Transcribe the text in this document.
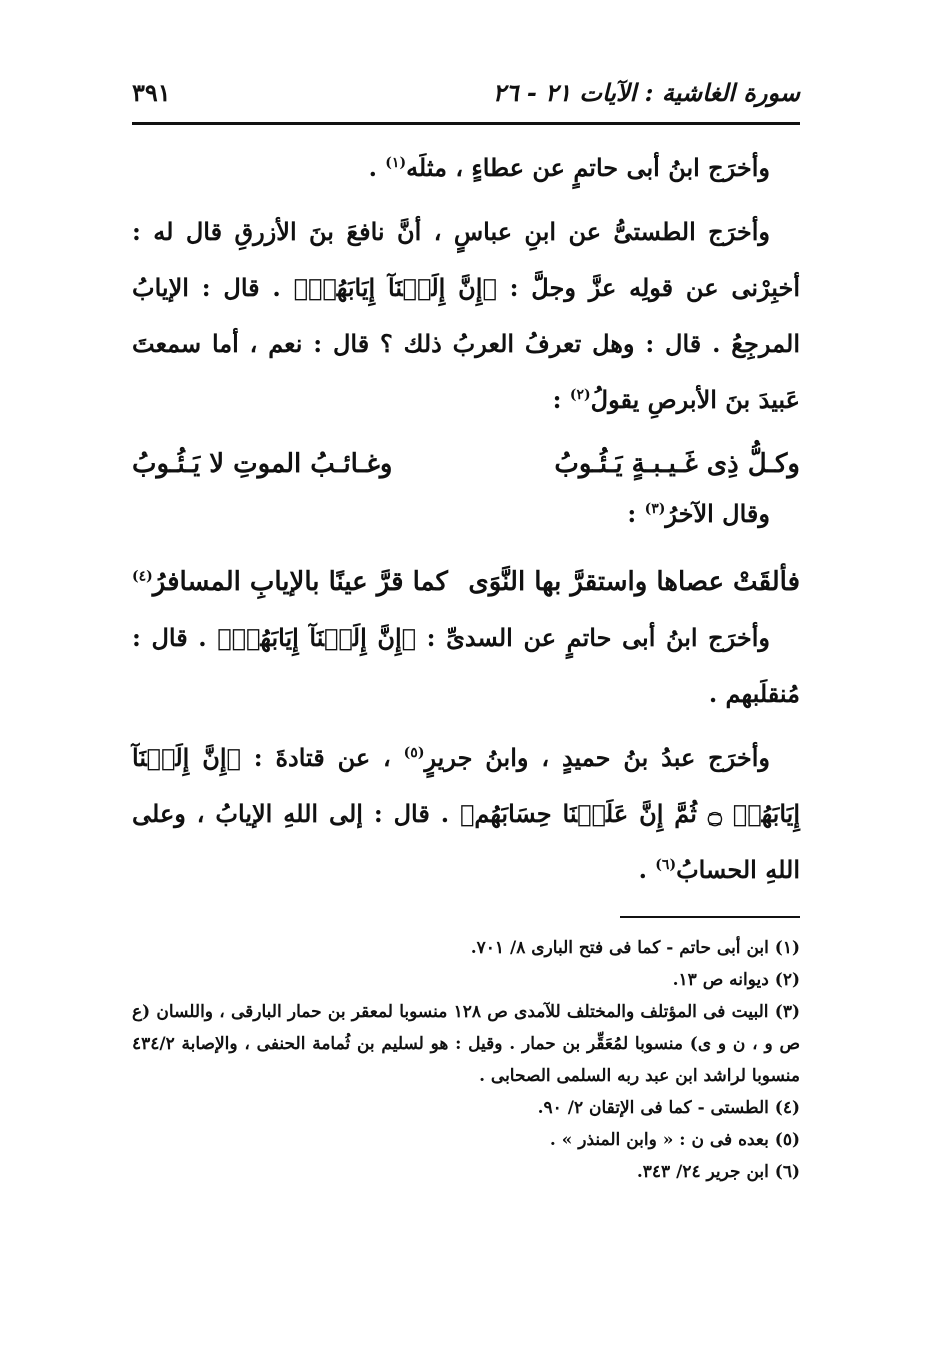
سورة الغاشية : الآيات ٢١ - ٢٦
٣٩١

وأخرَج ابنُ أبى حاتمٍ عن عطاءٍ ، مثلَه$^{(١)}$ .

وأخرَج الطستىُّ عن ابنِ عباسٍ ، أنَّ نافعَ بنَ الأزرقِ قال له : أخبِرْنى عن قولِه عزَّ وجلَّ : ﴿إِنَّ إِلَيۡنَآ إِيَابَهُمۡ﴾ . قال : الإيابُ المرجِعُ . قال : وهل تعرفُ العربُ ذلك ؟ قال : نعم ، أما سمعتَ عَبيدَ بنَ الأبرصِ يقولُ$^{(٢)}$ :

وكـلُّ ذِى غَـيـبـةٍ يَـئُـوبُ
وغـائـبُ الموتِ لا يَـئُـوبُ

وقال الآخرُ$^{(٣)}$ :

فألقَتْ عصاها واستقرَّ بها النَّوَى
كما قرَّ عينًا بالإيابِ المسافرُ$^{(٤)}$

وأخرَج ابنُ أبى حاتمٍ عن السدىِّ : ﴿إِنَّ إِلَيۡنَآ إِيَابَهُمۡ﴾ . قال : مُنقلَبهم .

وأخرَج عبدُ بنُ حميدٍ ، وابنُ جريرٍ$^{(٥)}$ ، عن قتادةَ : ﴿إِنَّ إِلَيۡنَآ إِيَابَهُمۡ ۝ ثُمَّ إِنَّ عَلَيۡنَا حِسَابَهُم﴾ . قال : إلى اللهِ الإيابُ ، وعلى اللهِ الحسابُ$^{(٦)}$ .

(١) ابن أبى حاتم - كما فى فتح البارى ٨/ ٧٠١.

(٢) ديوانه ص ١٣.

(٣) البيت فى المؤتلف والمختلف للآمدى ص ١٢٨ منسوبا لمعقر بن حمار البارقى ، واللسان (ع ص و ، ن و ى) منسوبا لمُعَقِّر بن حمار . وقيل : هو لسليم بن ثُمامة الحنفى ، والإصابة ٤٣٤/٢ منسوبا لراشد ابن عبد ربه السلمى الصحابى .

(٤) الطستى - كما فى الإتقان ٢/ ٩٠.

(٥) بعده فى ن : « وابن المنذر » .

(٦) ابن جرير ٢٤/ ٣٤٣.
